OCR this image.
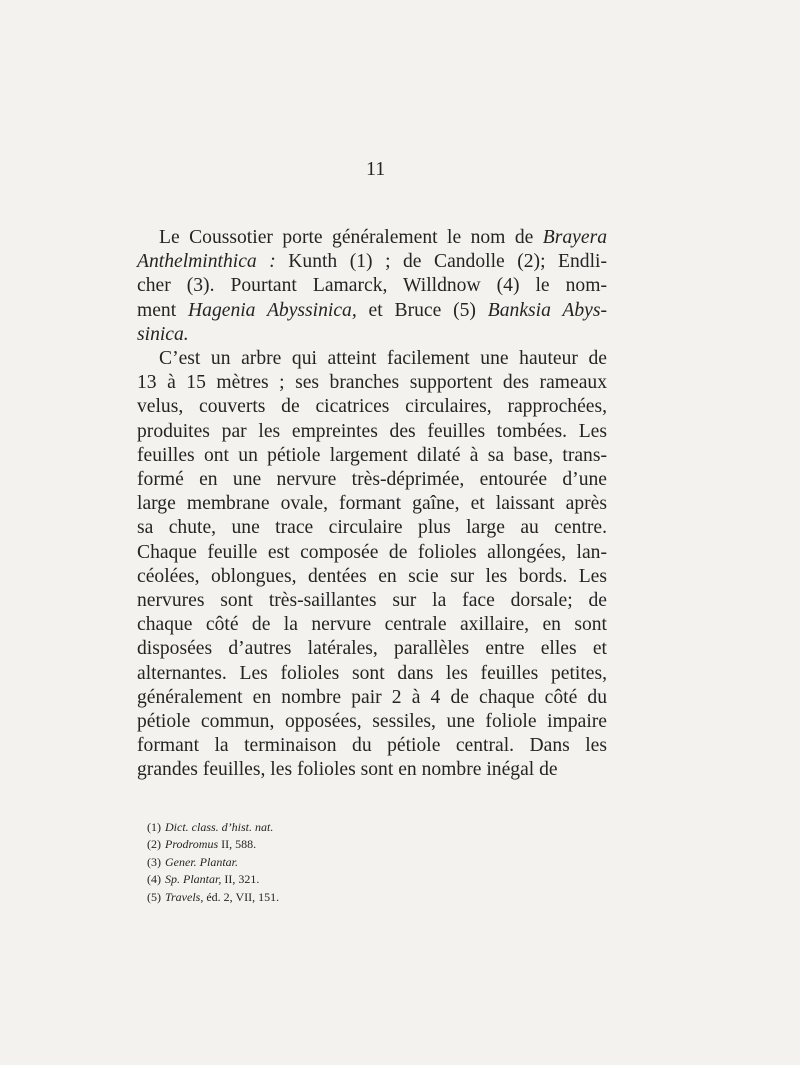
11

Le Coussotier porte généralement le nom de Brayera
Anthelminthica : Kunth (1) ; de Candolle (2); Endli-
cher (3). Pourtant Lamarck, Willdnow (4) le nom-
ment Hagenia Abyssinica, et Bruce (5) Banksia Abys-
sinica.

C’est un arbre qui atteint facilement une hauteur de
13 à 15 mètres ; ses branches supportent des rameaux
velus, couverts de cicatrices circulaires, rapprochées,
produites par les empreintes des feuilles tombées. Les
feuilles ont un pétiole largement dilaté à sa base, trans-
formé en une nervure très-déprimée, entourée d’une
large membrane ovale, formant gaîne, et laissant après
sa chute, une trace circulaire plus large au centre.
Chaque feuille est composée de folioles allongées, lan-
céolées, oblongues, dentées en scie sur les bords. Les
nervures sont très-saillantes sur la face dorsale; de
chaque côté de la nervure centrale axillaire, en sont
disposées d’autres latérales, parallèles entre elles et
alternantes. Les folioles sont dans les feuilles petites,
généralement en nombre pair 2 à 4 de chaque côté du
pétiole commun, opposées, sessiles, une foliole impaire
formant la terminaison du pétiole central. Dans les
grandes feuilles, les folioles sont en nombre inégal de

(1) Dict. class. d’hist. nat.
(2) Prodromus II, 588.
(3) Gener. Plantar.
(4) Sp. Plantar, II, 321.
(5) Travels, éd. 2, VII, 151.
